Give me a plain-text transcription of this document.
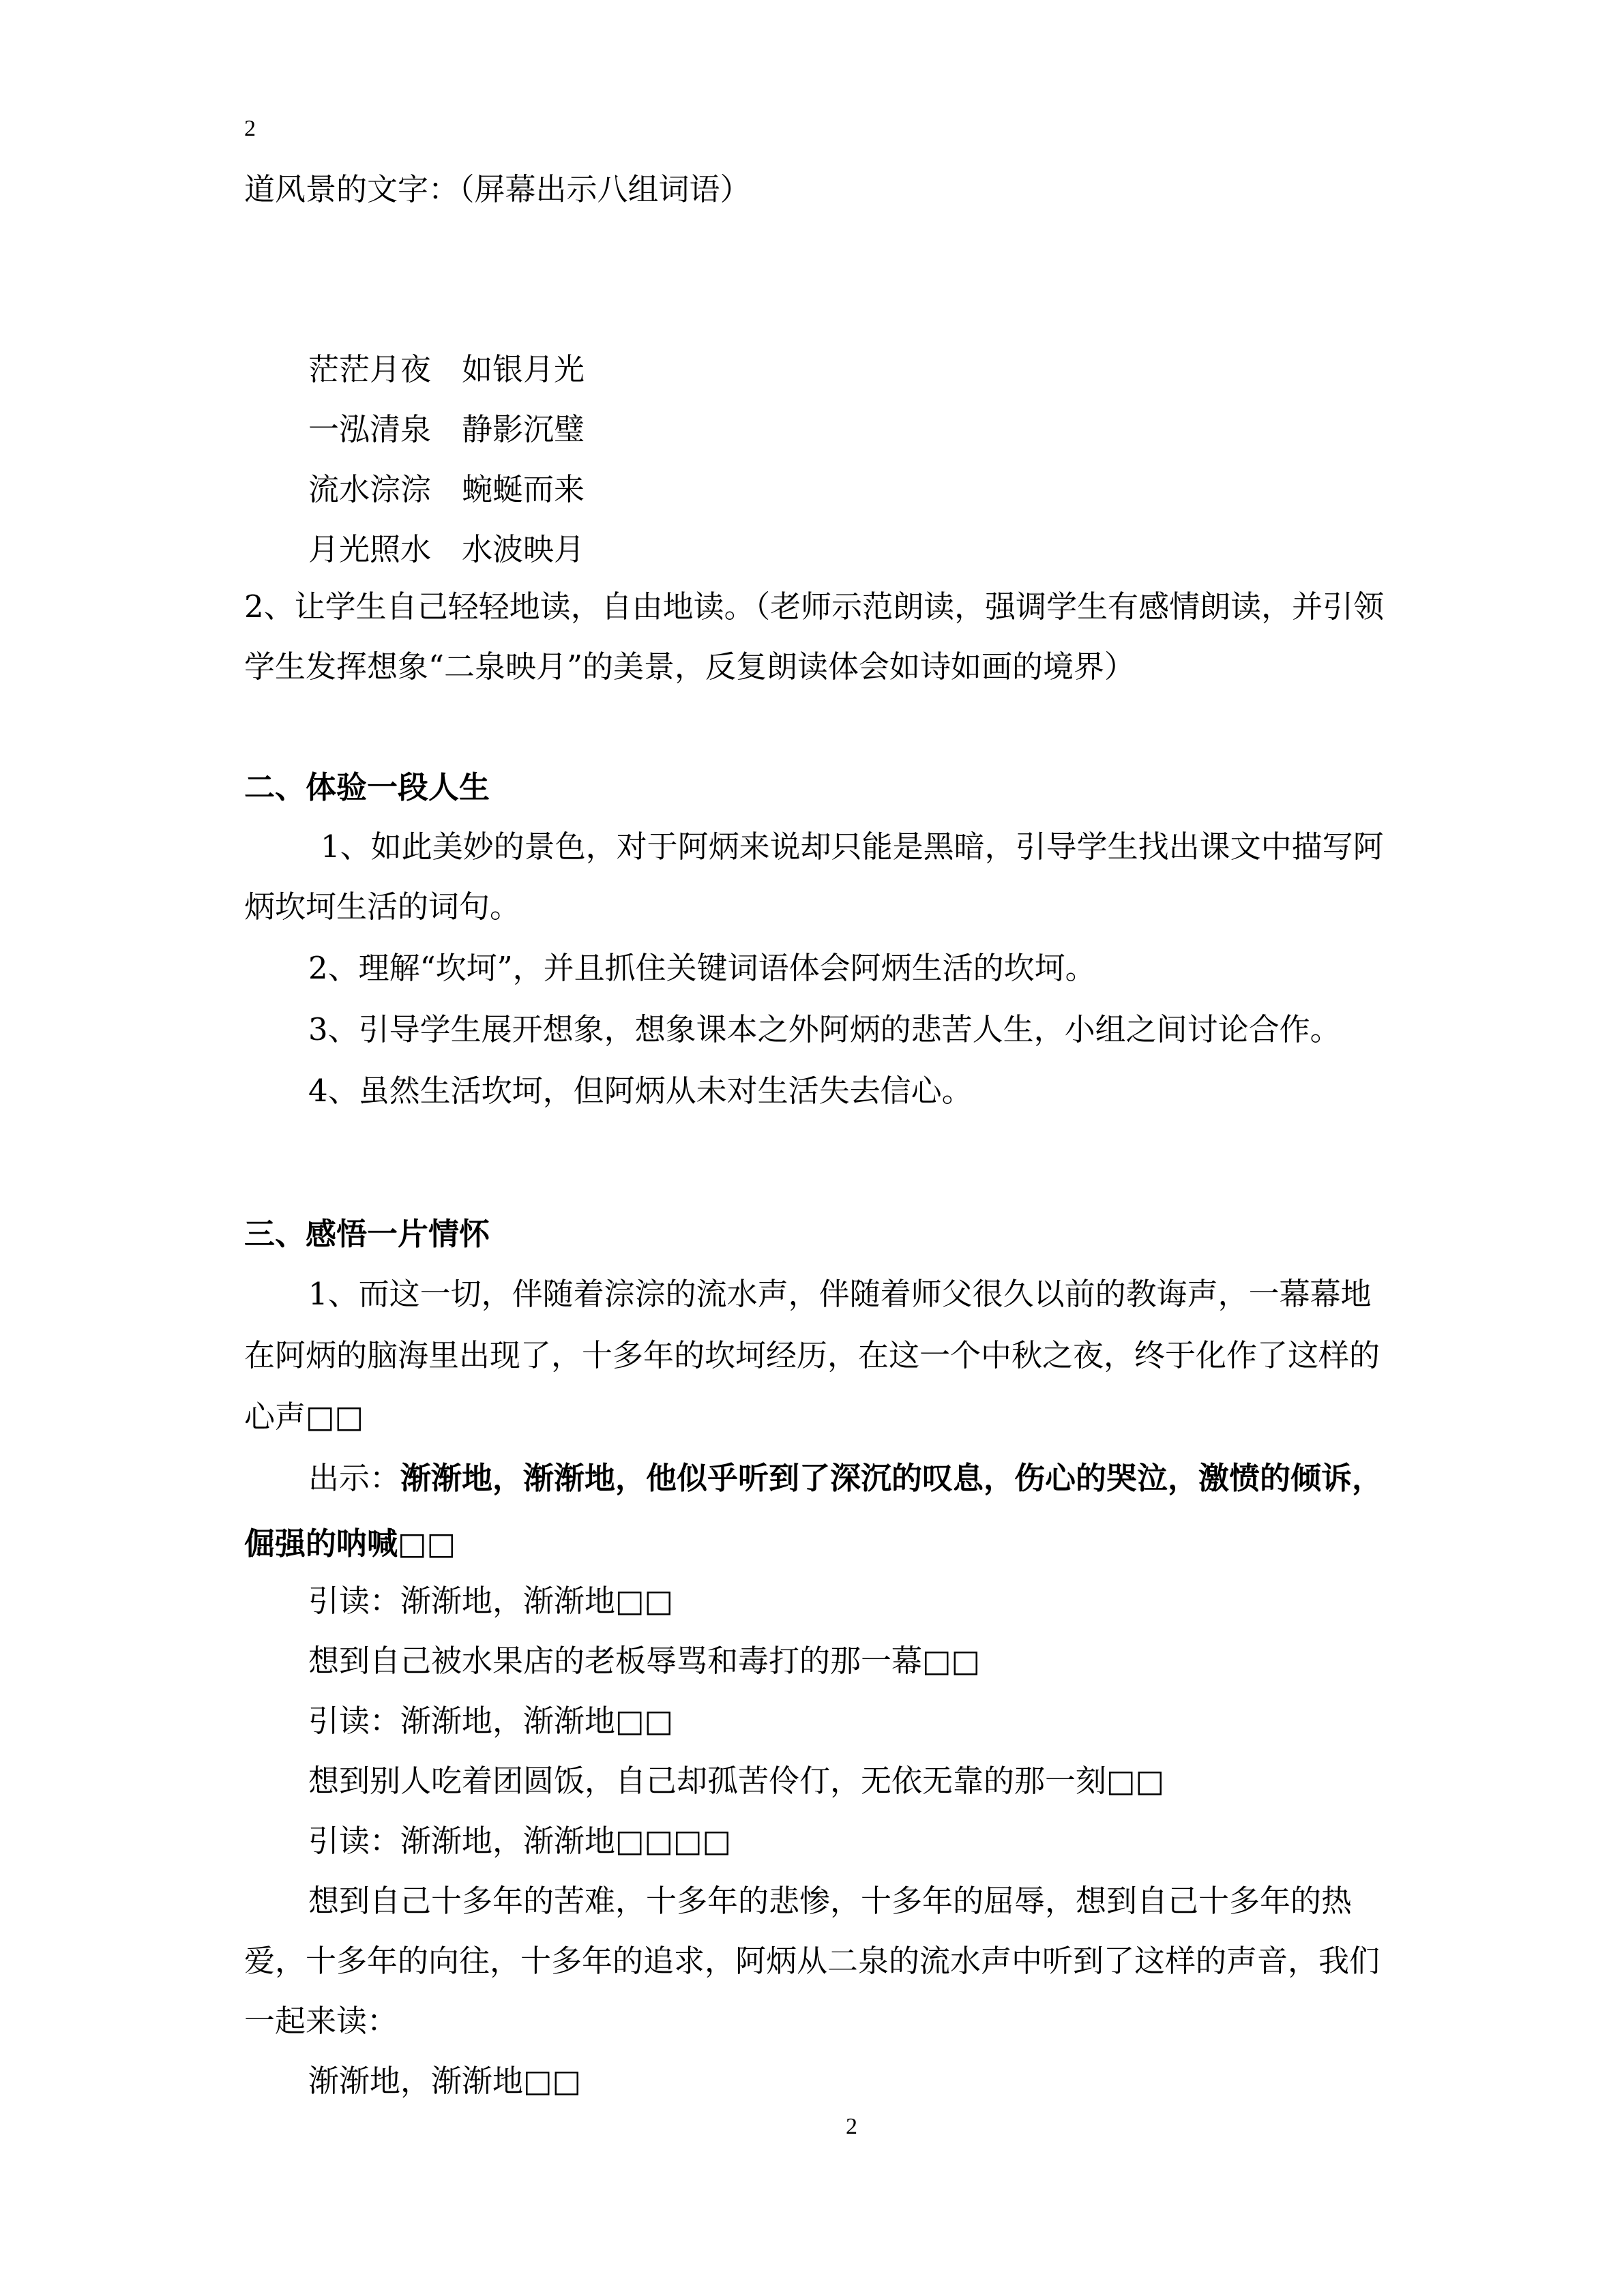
2
道风景的文字：（屏幕出示八组词语）
茫茫月夜 如银月光
一泓清泉 静影沉璧
流水淙淙 蜿蜒而来
月光照水 水波映月
2、让学生自己轻轻地读，自由地读。（老师示范朗读，强调学生有感情朗读，并引领
学生发挥想象“二泉映月”的美景，反复朗读体会如诗如画的境界）
二、体验一段人生
1、如此美妙的景色，对于阿炳来说却只能是黑暗，引导学生找出课文中描写阿
炳坎坷生活的词句。
2、理解“坎坷”，并且抓住关键词语体会阿炳生活的坎坷。
3、引导学生展开想象，想象课本之外阿炳的悲苦人生，小组之间讨论合作。
4、虽然生活坎坷，但阿炳从未对生活失去信心。
三、感悟一片情怀
1、而这一切，伴随着淙淙的流水声，伴随着师父很久以前的教诲声，一幕幕地
在阿炳的脑海里出现了，十多年的坎坷经历，在这一个中秋之夜，终于化作了这样的
心声□□
出示：渐渐地，渐渐地，他似乎听到了深沉的叹息，伤心的哭泣，激愤的倾诉，
倔强的呐喊□□
引读：渐渐地，渐渐地□□
想到自己被水果店的老板辱骂和毒打的那一幕□□
引读：渐渐地，渐渐地□□
想到别人吃着团圆饭，自己却孤苦伶仃，无依无靠的那一刻□□
引读：渐渐地，渐渐地□□□□
想到自己十多年的苦难，十多年的悲惨，十多年的屈辱，想到自己十多年的热
爱，十多年的向往，十多年的追求，阿炳从二泉的流水声中听到了这样的声音，我们
一起来读：
渐渐地，渐渐地□□
2
